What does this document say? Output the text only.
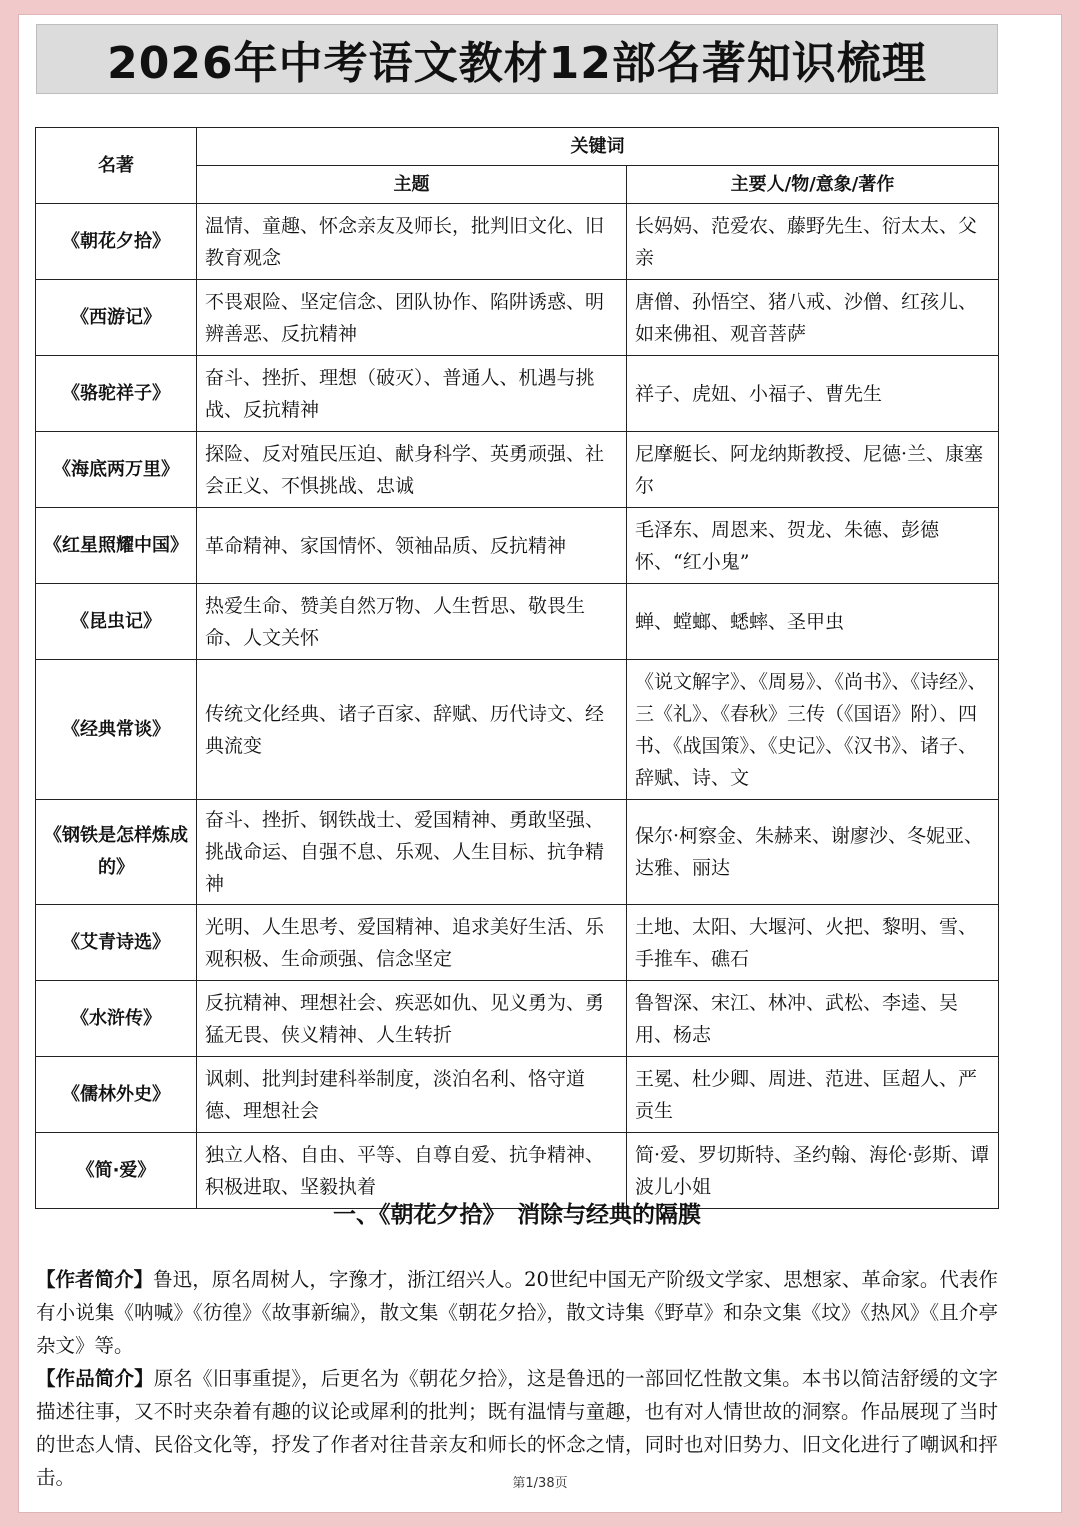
2026年中考语文教材12部名著知识梳理
名著	关键词	
	主题	主要人/物/意象/著作
《朝花夕拾》	温情、童趣、怀念亲友及师长，批判旧文化、旧教育观念	长妈妈、范爱农、藤野先生、衍太太、父亲
《西游记》	不畏艰险、坚定信念、团队协作、陷阱诱惑、明辨善恶、反抗精神	唐僧、孙悟空、猪八戒、沙僧、红孩儿、如来佛祖、观音菩萨
《骆驼祥子》	奋斗、挫折、理想（破灭）、普通人、机遇与挑战、反抗精神	祥子、虎妞、小福子、曹先生
《海底两万里》	探险、反对殖民压迫、献身科学、英勇顽强、社会正义、不惧挑战、忠诚	尼摩艇长、阿龙纳斯教授、尼德·兰、康塞尔
《红星照耀中国》	革命精神、家国情怀、领袖品质、反抗精神	毛泽东、周恩来、贺龙、朱德、彭德怀、“红小鬼”
《昆虫记》	热爱生命、赞美自然万物、人生哲思、敬畏生命、人文关怀	蝉、螳螂、蟋蟀、圣甲虫
《经典常谈》	传统文化经典、诸子百家、辞赋、历代诗文、经典流变	《说文解字》、《周易》、《尚书》、《诗经》、三《礼》、《春秋》三传（《国语》附）、四书、《战国策》、《史记》、《汉书》、诸子、辞赋、诗、文
《钢铁是怎样炼成的》	奋斗、挫折、钢铁战士、爱国精神、勇敢坚强、挑战命运、自强不息、乐观、人生目标、抗争精神	保尔·柯察金、朱赫来、谢廖沙、冬妮亚、达雅、丽达
《艾青诗选》	光明、人生思考、爱国精神、追求美好生活、乐观积极、生命顽强、信念坚定	土地、太阳、大堰河、火把、黎明、雪、手推车、礁石
《水浒传》	反抗精神、理想社会、疾恶如仇、见义勇为、勇猛无畏、侠义精神、人生转折	鲁智深、宋江、林冲、武松、李逵、吴用、杨志
《儒林外史》	讽刺、批判封建科举制度，淡泊名利、恪守道德、理想社会	王冕、杜少卿、周进、范进、匡超人、严贡生
《简·爱》	独立人格、自由、平等、自尊自爱、抗争精神、积极进取、坚毅执着	简·爱、罗切斯特、圣约翰、海伦·彭斯、谭波儿小姐
一、《朝花夕拾》　消除与经典的隔膜

【作者简介】鲁迅，原名周树人，字豫才，浙江绍兴人。20世纪中国无产阶级文学家、思想家、革命家。代表作有小说集《呐喊》《彷徨》《故事新编》，散文集《朝花夕拾》，散文诗集《野草》和杂文集《坟》《热风》《且介亭杂文》等。

【作品简介】原名《旧事重提》，后更名为《朝花夕拾》，这是鲁迅的一部回忆性散文集。本书以简洁舒缓的文字描述往事，又不时夹杂着有趣的议论或犀利的批判；既有温情与童趣，也有对人情世故的洞察。作品展现了当时的世态人情、民俗文化等，抒发了作者对往昔亲友和师长的怀念之情，同时也对旧势力、旧文化进行了嘲讽和抨击。	第1/38页
